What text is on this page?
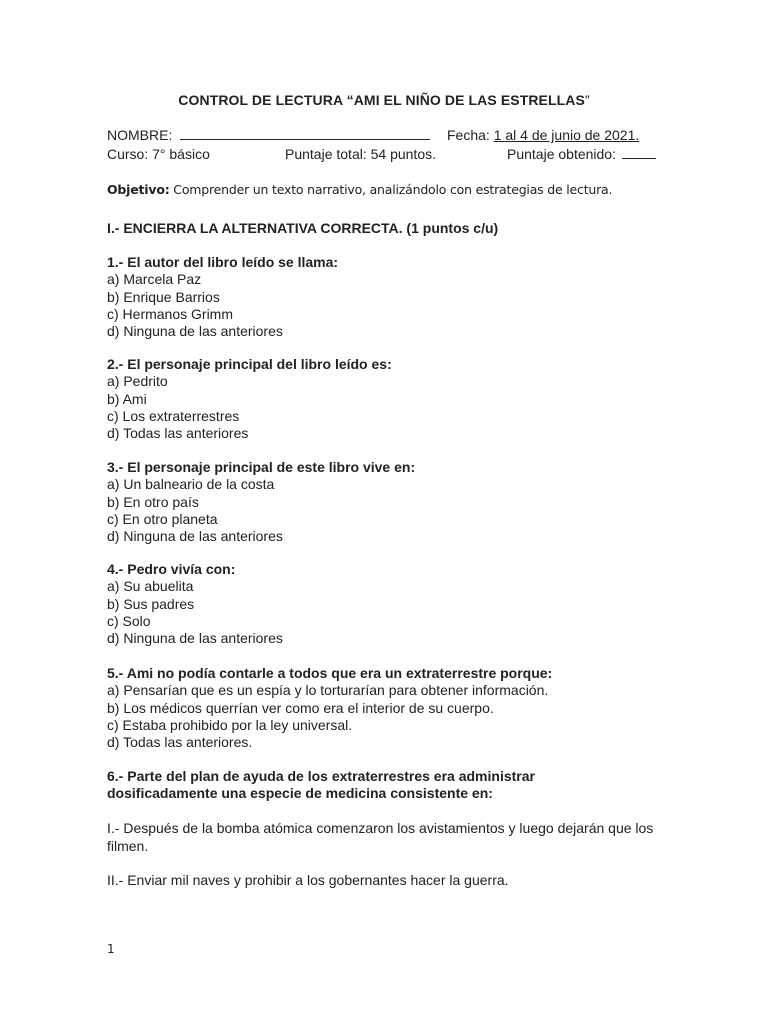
CONTROL DE LECTURA “AMI EL NIÑO DE LAS ESTRELLAS”
NOMBRE:	Fecha: 1 al 4 de junio de 2021.
Curso: 7° básico	Puntaje total: 54 puntos.	Puntaje obtenido:
Objetivo: Comprender un texto narrativo, analizándolo con estrategias de lectura.
I.- ENCIERRA LA ALTERNATIVA CORRECTA. (1 puntos c/u)
1.- El autor del libro leído se llama:
a) Marcela Paz
b) Enrique Barrios
c) Hermanos Grimm
d) Ninguna de las anteriores
2.- El personaje principal del libro leído es:
a) Pedrito
b) Ami
c) Los extraterrestres
d) Todas las anteriores
3.- El personaje principal de este libro vive en:
a) Un balneario de la costa
b) En otro país
c) En otro planeta
d) Ninguna de las anteriores
4.- Pedro vivía con:
a) Su abuelita
b) Sus padres
c) Solo
d) Ninguna de las anteriores
5.- Ami no podía contarle a todos que era un extraterrestre porque:
a) Pensarían que es un espía y lo torturarían para obtener información.
b) Los médicos querrían ver como era el interior de su cuerpo.
c) Estaba prohibido por la ley universal.
d) Todas las anteriores.
6.- Parte del plan de ayuda de los extraterrestres era administrar
dosificadamente una especie de medicina consistente en:
I.- Después de la bomba atómica comenzaron los avistamientos y luego dejarán que los filmen.
II.- Enviar mil naves y prohibir a los gobernantes hacer la guerra.
1
